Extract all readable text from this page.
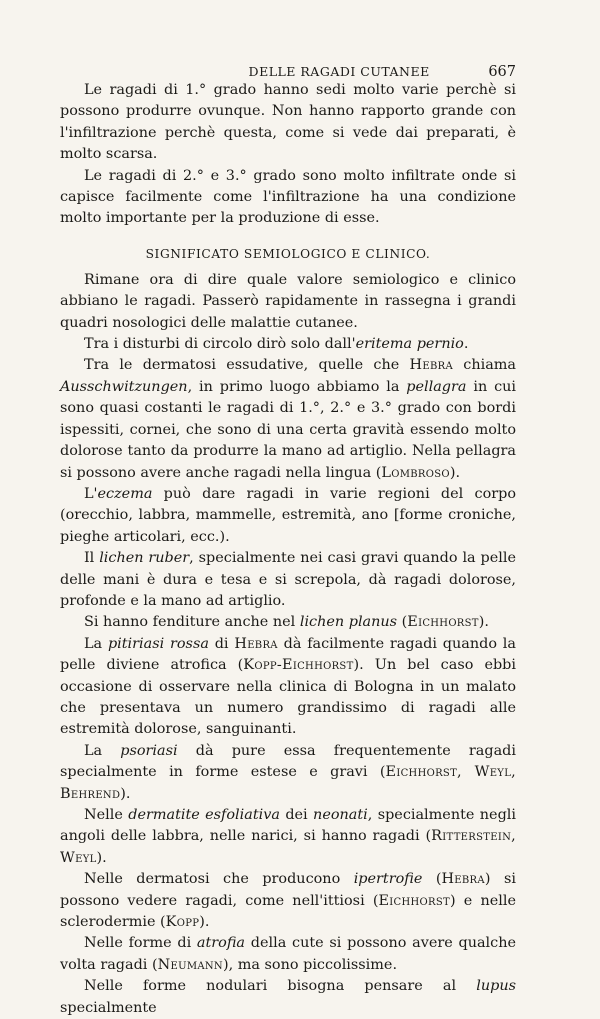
DELLE RAGADI CUTANEE	667

Le ragadi di 1.° grado hanno sedi molto varie perchè si possono produrre ovunque. Non hanno rapporto grande con l'infiltrazione perchè questa, come si vede dai preparati, è molto scarsa.

Le ragadi di 2.° e 3.° grado sono molto infiltrate onde si capisce facilmente come l'infiltrazione ha una condizione molto importante per la produzione di esse.

SIGNIFICATO SEMIOLOGICO E CLINICO.

Rimane ora di dire quale valore semiologico e clinico abbiano le ragadi. Passerò rapidamente in rassegna i grandi quadri nosologici delle malattie cutanee.

Tra i disturbi di circolo dirò solo dall'eritema pernio.

Tra le dermatosi essudative, quelle che Hebra chiama Ausschwitzungen, in primo luogo abbiamo la pellagra in cui sono quasi costanti le ragadi di 1.°, 2.° e 3.° grado con bordi ispessiti, cornei, che sono di una certa gravità essendo molto dolorose tanto da produrre la mano ad artiglio. Nella pellagra si possono avere anche ragadi nella lingua (Lombroso).

L'eczema può dare ragadi in varie regioni del corpo (orecchio, labbra, mammelle, estremità, ano [forme croniche, pieghe articolari, ecc.).

Il lichen ruber, specialmente nei casi gravi quando la pelle delle mani è dura e tesa e si screpola, dà ragadi dolorose, profonde e la mano ad artiglio.

Si hanno fenditure anche nel lichen planus (Eichhorst).

La pitiriasi rossa di Hebra dà facilmente ragadi quando la pelle diviene atrofica (Kopp-Eichhorst). Un bel caso ebbi occasione di osservare nella clinica di Bologna in un malato che presentava un numero grandissimo di ragadi alle estremità dolorose, sanguinanti.

La psoriasi dà pure essa frequentemente ragadi specialmente in forme estese e gravi (Eichhorst, Weyl, Behrend).

Nelle dermatite esfoliativa dei neonati, specialmente negli angoli delle labbra, nelle narici, si hanno ragadi (Ritterstein, Weyl).

Nelle dermatosi che producono ipertrofie (Hebra) si possono vedere ragadi, come nell'ittiosi (Eichhorst) e nelle sclerodermie (Kopp).

Nelle forme di atrofia della cute si possono avere qualche volta ragadi (Neumann), ma sono piccolissime.

Nelle forme nodulari bisogna pensare al lupus specialmente
